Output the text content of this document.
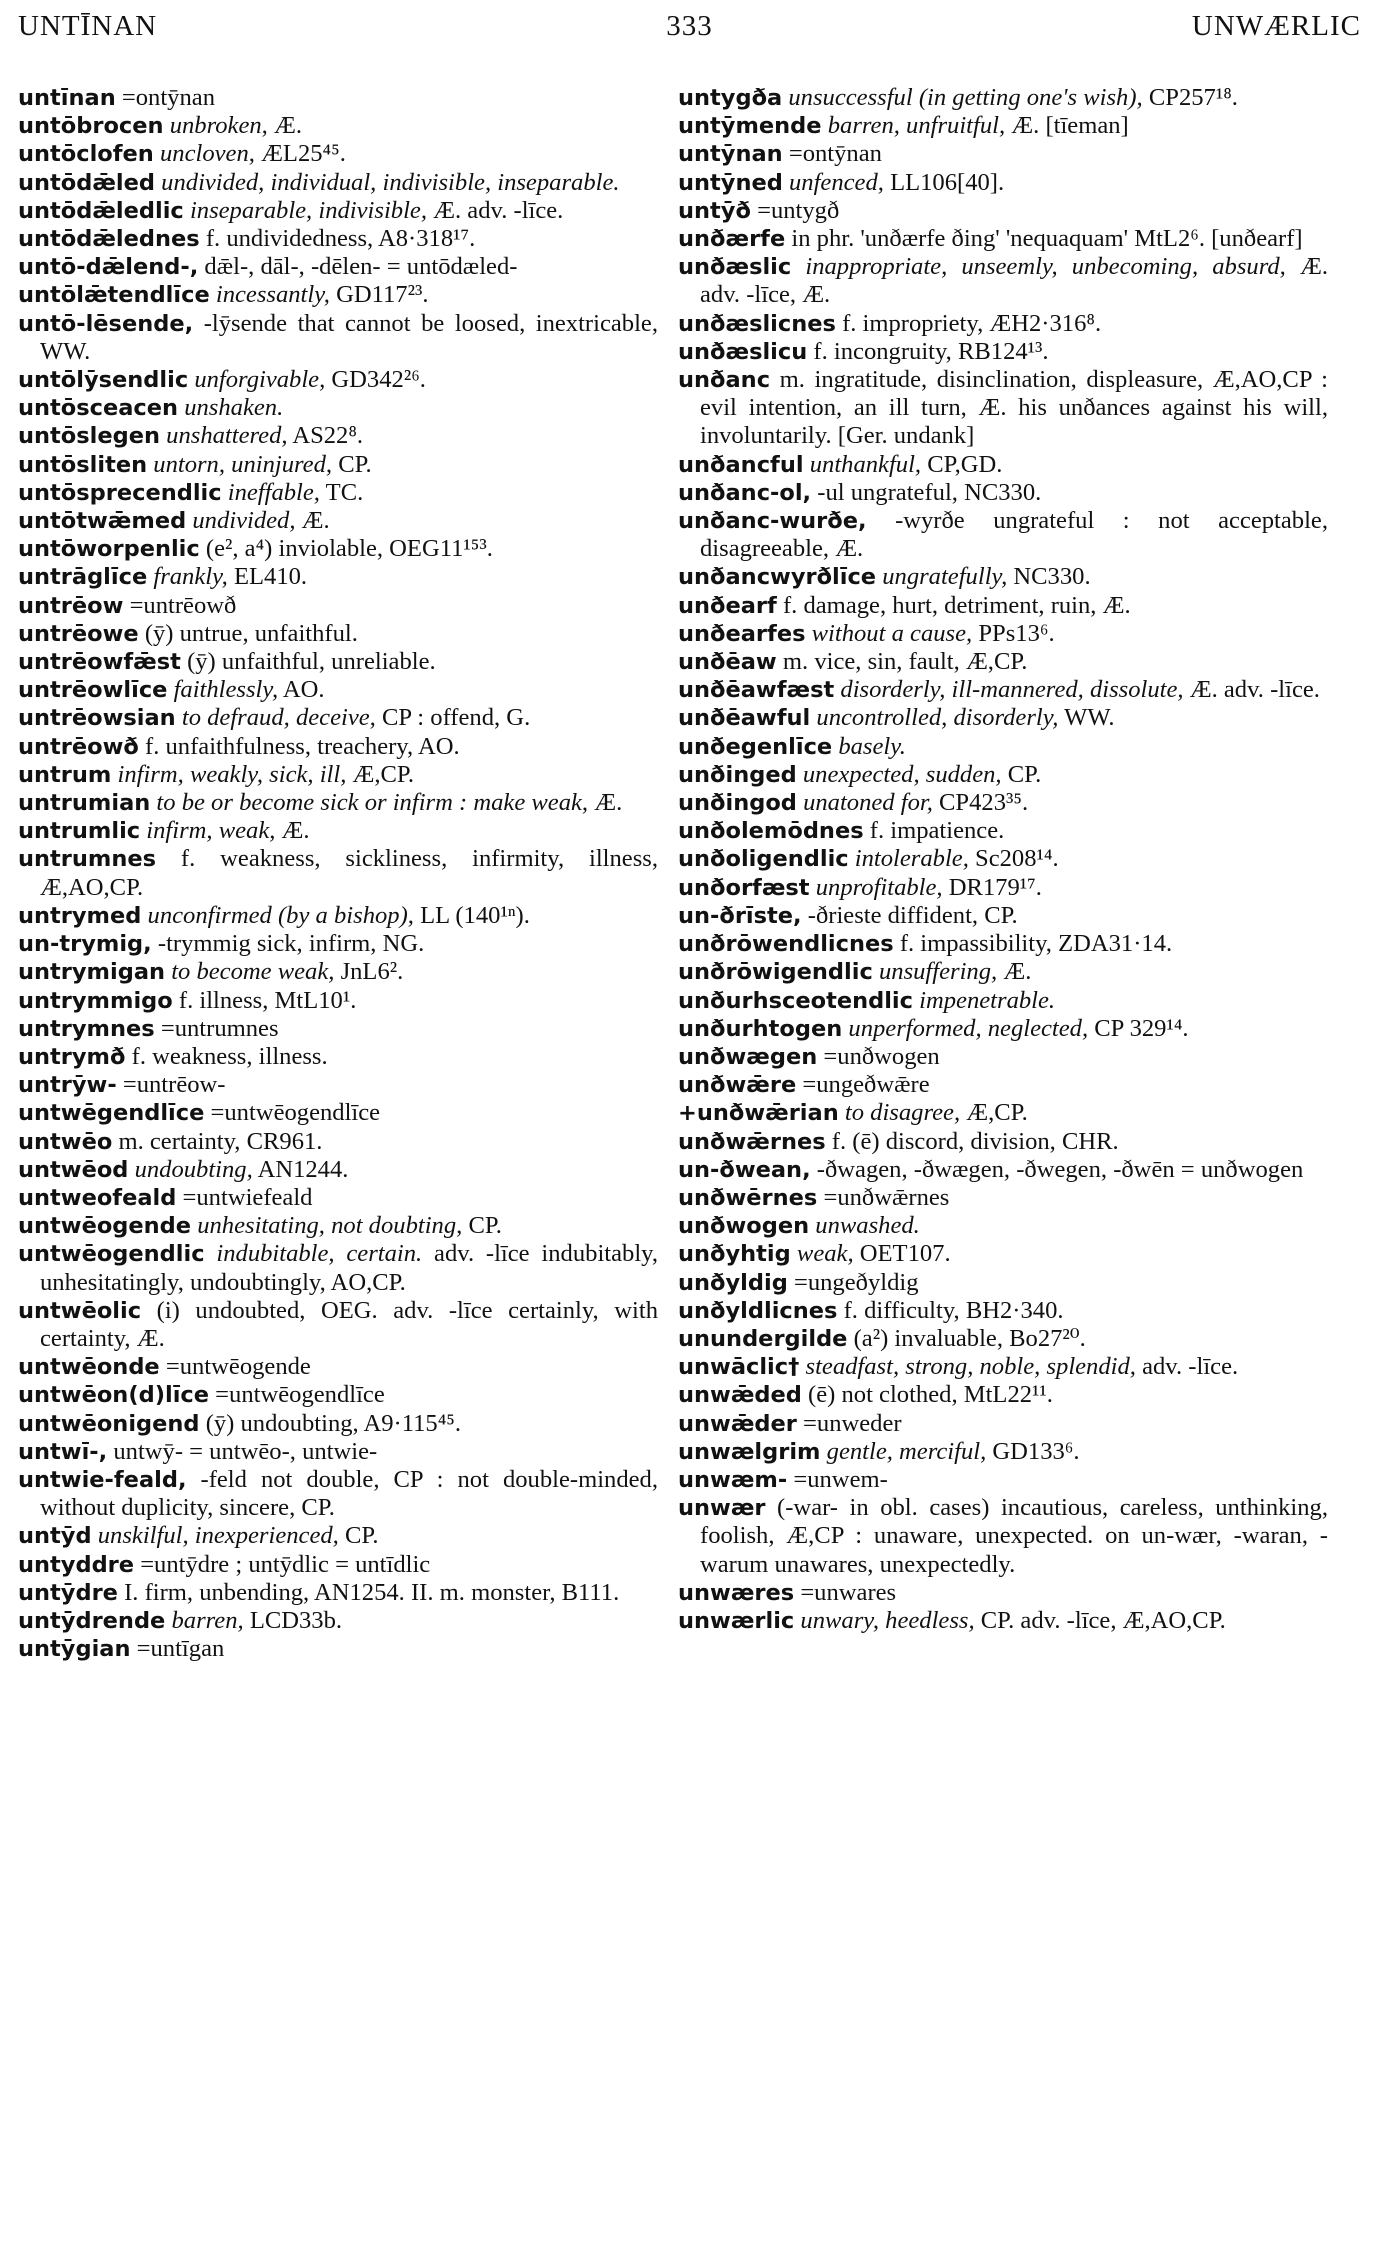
UNTĪNAN	333	UNWÆRLIC

untīnan =ontȳnan

untōbrocen unbroken, Æ.

untōclofen uncloven, ÆL25⁴⁵.

untōdǣled undivided, individual, indivisible, inseparable.

untōdǣledlic inseparable, indivisible, Æ. adv. -līce.

untōdǣlednes f. undividedness, A8·318¹⁷.

untō-dǣlend-, dǣl-, dāl-, -dēlen- = untōdæled-

untōlǣtendlīce incessantly, GD117²³.

untō-lēsende, -lȳsende that cannot be loosed, inextricable, WW.

untōlȳsendlic unforgivable, GD342²⁶.

untōsceacen unshaken.

untōslegen unshattered, AS22⁸.

untōsliten untorn, uninjured, CP.

untōsprecendlic ineffable, TC.

untōtwǣmed undivided, Æ.

untōworpenlic (e², a⁴) inviolable, OEG11¹⁵³.

untrāglīce frankly, EL410.

untrēow =untrēowð

untrēowe (ȳ) untrue, unfaithful.

untrēowfǣst (ȳ) unfaithful, unreliable.

untrēowlīce faithlessly, AO.

untrēowsian to defraud, deceive, CP : offend, G.

untrēowð f. unfaithfulness, treachery, AO.

untrum infirm, weakly, sick, ill, Æ,CP.

untrumian to be or become sick or infirm : make weak, Æ.

untrumlic infirm, weak, Æ.

untrumnes f. weakness, sickliness, infirmity, illness, Æ,AO,CP.

untrymed unconfirmed (by a bishop), LL (140¹ⁿ).

un-trymig, -trymmig sick, infirm, NG.

untrymigan to become weak, JnL6².

untrymmigo f. illness, MtL10¹.

untrymnes =untrumnes

untrymð f. weakness, illness.

untrȳw- =untrēow-

untwēgendlīce =untwēogendlīce

untwēo m. certainty, CR961.

untwēod undoubting, AN1244.

untweofeald =untwiefeald

untwēogende unhesitating, not doubting, CP.

untwēogendlic indubitable, certain. adv. -līce indubitably, unhesitatingly, undoubtingly, AO,CP.

untwēolic (i) undoubted, OEG. adv. -līce certainly, with certainty, Æ.

untwēonde =untwēogende

untwēon(d)līce =untwēogendlīce

untwēonigend (ȳ) undoubting, A9·115⁴⁵.

untwī-, untwȳ- = untwēo-, untwie-

untwie-feald, -feld not double, CP : not double-minded, without duplicity, sincere, CP.

untȳd unskilful, inexperienced, CP.

untyddre =untȳdre ; untȳdlic = untīdlic

untȳdre I. firm, unbending, AN1254. II. m. monster, B111.

untȳdrende barren, LCD33b.

untȳgian =untīgan

untygða unsuccessful (in getting one's wish), CP257¹⁸.

untȳmende barren, unfruitful, Æ. [tīeman]

untȳnan =ontȳnan

untȳned unfenced, LL106[40].

untȳð =untygð

unðærfe in phr. 'unðærfe ðing' 'nequaquam' MtL2⁶. [unðearf]

unðæslic inappropriate, unseemly, unbecoming, absurd, Æ. adv. -līce, Æ.

unðæslicnes f. impropriety, ÆH2·316⁸.

unðæslicu f. incongruity, RB124¹³.

unðanc m. ingratitude, disinclination, displeasure, Æ,AO,CP : evil intention, an ill turn, Æ. his unðances against his will, involuntarily. [Ger. undank]

unðancful unthankful, CP,GD.

unðanc-ol, -ul ungrateful, NC330.

unðanc-wurðe, -wyrðe ungrateful : not acceptable, disagreeable, Æ.

unðancwyrðlīce ungratefully, NC330.

unðearf f. damage, hurt, detriment, ruin, Æ.

unðearfes without a cause, PPs13⁶.

unðēaw m. vice, sin, fault, Æ,CP.

unðēawfæst disorderly, ill-mannered, dissolute, Æ. adv. -līce.

unðēawful uncontrolled, disorderly, WW.

unðegenlīce basely.

unðinged unexpected, sudden, CP.

unðingod unatoned for, CP423³⁵.

unðolemōdnes f. impatience.

unðoligendlic intolerable, Sc208¹⁴.

unðorfæst unprofitable, DR179¹⁷.

un-ðrīste, -ðrieste diffident, CP.

unðrōwendlicnes f. impassibility, ZDA31·14.

unðrōwigendlic unsuffering, Æ.

unðurhsceotendlic impenetrable.

unðurhtogen unperformed, neglected, CP 329¹⁴.

unðwægen =unðwogen

unðwǣre =ungeðwǣre

+unðwǣrian to disagree, Æ,CP.

unðwǣrnes f. (ē) discord, division, CHR.

un-ðwean, -ðwagen, -ðwægen, -ðwegen, -ðwēn = unðwogen

unðwērnes =unðwǣrnes

unðwogen unwashed.

unðyhtig weak, OET107.

unðyldig =ungeðyldig

unðyldlicnes f. difficulty, BH2·340.

unundergilde (a²) invaluable, Bo27²⁰.

unwāclic† steadfast, strong, noble, splendid, adv. -līce.

unwǣded (ē) not clothed, MtL22¹¹.

unwǣder =unweder

unwælgrim gentle, merciful, GD133⁶.

unwæm- =unwem-

unwær (-war- in obl. cases) incautious, careless, unthinking, foolish, Æ,CP : unaware, unexpected. on un-wær, -waran, -warum unawares, unexpectedly.

unwæres =unwares

unwærlic unwary, heedless, CP. adv. -līce, Æ,AO,CP.
